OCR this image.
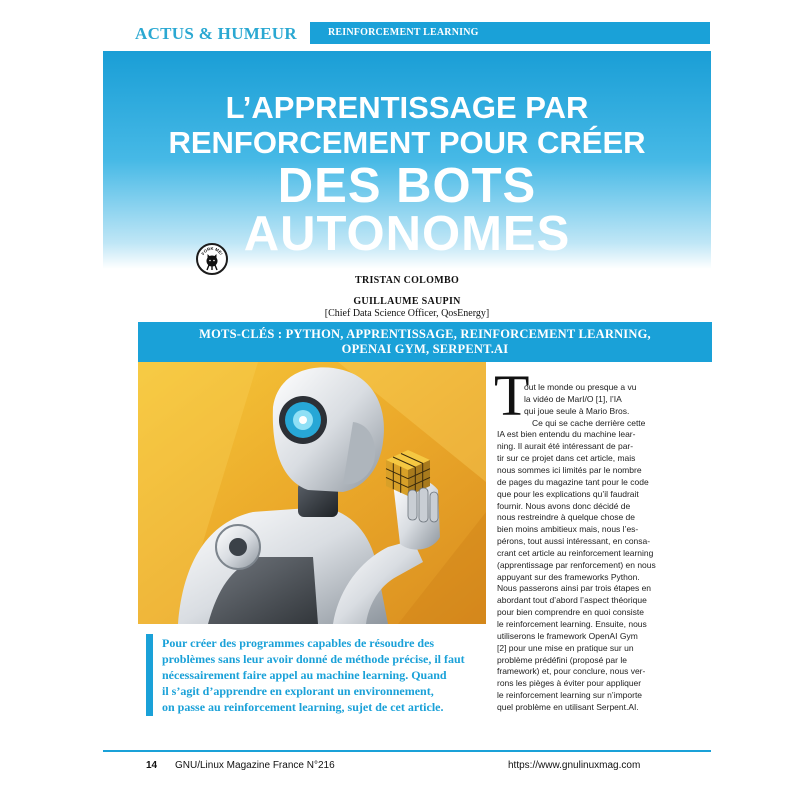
ACTUS & HUMEUR	REINFORCEMENT LEARNING
L’APPRENTISSAGE PAR
RENFORCEMENT POUR CRÉER
DES BOTS
AUTONOMES
FORK ME!
TRISTAN COLOMBO
GUILLAUME SAUPIN
[Chief Data Science Officer, QosEnergy]
MOTS-CLÉS : PYTHON, APPRENTISSAGE, REINFORCEMENT LEARNING,
OPENAI GYM, SERPENT.AI
Pour créer des programmes capables de résoudre des
problèmes sans leur avoir donné de méthode précise, il faut
nécessairement faire appel au machine learning. Quand
il s’agit d’apprendre en explorant un environnement,
on passe au reinforcement learning, sujet de cet article.
T
out le monde ou presque a vu
la vidéo de MarI/O [1], l’IA
qui joue seule à Mario Bros.
Ce qui se cache derrière cette
IA est bien entendu du machine lear-
ning. Il aurait été intéressant de par-
tir sur ce projet dans cet article, mais
nous sommes ici limités par le nombre
de pages du magazine tant pour le code
que pour les explications qu’il faudrait
fournir. Nous avons donc décidé de
nous restreindre à quelque chose de
bien moins ambitieux mais, nous l’es-
pérons, tout aussi intéressant, en consa-
crant cet article au reinforcement learning
(apprentissage par renforcement) en nous
appuyant sur des frameworks Python.
Nous passerons ainsi par trois étapes en
abordant tout d’abord l’aspect théorique
pour bien comprendre en quoi consiste
le reinforcement learning. Ensuite, nous
utiliserons le framework OpenAI Gym
[2] pour une mise en pratique sur un
problème prédéfini (proposé par le
framework) et, pour conclure, nous ver-
rons les pièges à éviter pour appliquer
le reinforcement learning sur n’importe
quel problème en utilisant Serpent.AI.
14 GNU/Linux Magazine France N°216	https://www.gnulinuxmag.com
